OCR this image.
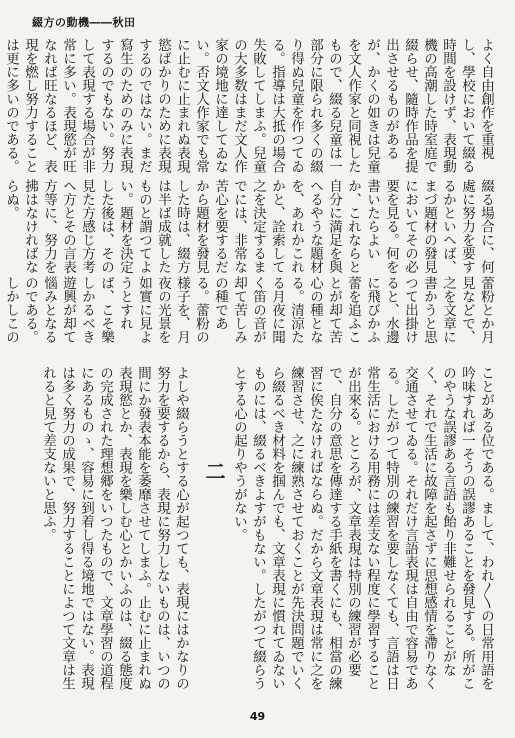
綴方の動機――秋田

よく自由創作を重視し、學校において綴る時間を設けず、表現動機の高潮した時室庭で綴らせ、隨時作品を提出させるものがあるが、かくの如きは兒童を文人作家と同視したもので、綴る兒童は一部分に限られ多くの綴り得ぬ兒童を作つてゐる。指導は大抵の場合失敗してしまふ。兒童の大多数はまだ文人作家の境地に達してゐない。否文人作家でも常に止むに止まれぬ表現慾ばかりのために表現するのではない。まだ寫生のためのみに表現するのでもない。努力して表現する場合が非常に多い。表現慾が旺なれば旺なるほど、表現を燃し努力することは更に多いのである。

綴る場合に、何處に努力を要するかといへば、まづ題材の發見においてその必要を見る。何を書いたらよいか、これならと自分に満足を與へるやうな題材を、あれかこれかと、詮索して之を決定するまでには、非常な苦心を要するだから題材を發見した時は、綴方は半ば成就したものと謂つてよい。題材を決定した後は、その見た方感じ方考へ方とその言表方等に、努力を拂はなければならぬ。

蕾粉とか月見などで、之を文章に書かうと思つて出掛けると、水邊に飛びかふ蕾を追ふことが却て苦心の種となる。清涼たる月夜に聞く笛の音が却て苦しみの種である。蕾粉の様子を、月夜の光景を如實に見ようとすれば、こそ樂しかるべき遊興が却て惱みとなるのである。しかしこの

ことがある位である。まして、われ〳〵の日常用語を吟味すれば一そうの誤謬あることを發見する。所がこのやうな誤謬ある言語も飴り非難せられることがなく、それで生活に故障を起さずに思想感情を滯りなく交通させてゐる。それだけ言語表現は自由で容易である。したがつて特別の練習を要しなくても、言語は日常生活における用務には差支ない程度に學習することが出來る。ところが、文章表現は特別の練習が必要で、自分の意思を傳達する手紙を書くにも、相當の練習に俟たなければならぬ。だから文章表現は常に之を練習させ、之に練熟させておくことが先決問題でいくら綴るべき材料を掴んでも、文章表現に慣れてゐないものには、綴るべきよすがもない。したがつて綴らうとする心の起りやうがない。

二

よしや綴らうとする心が起つても、表現にはかなりの努力を要するから、表現に努力しないものは、いつの間にか發表本能を萎靡させてしまふ。止むに止まれぬ表現慾とか、表現を樂しむ心とかいふのは、綴る態度の完成された理想郷をいつたもので、文章學習の道程にあるものゝ、容易に到着し得る境地ではない。表現は多く努力の成果で、努力することによつて文章は生れると見て差支ないと思ふ。

49
